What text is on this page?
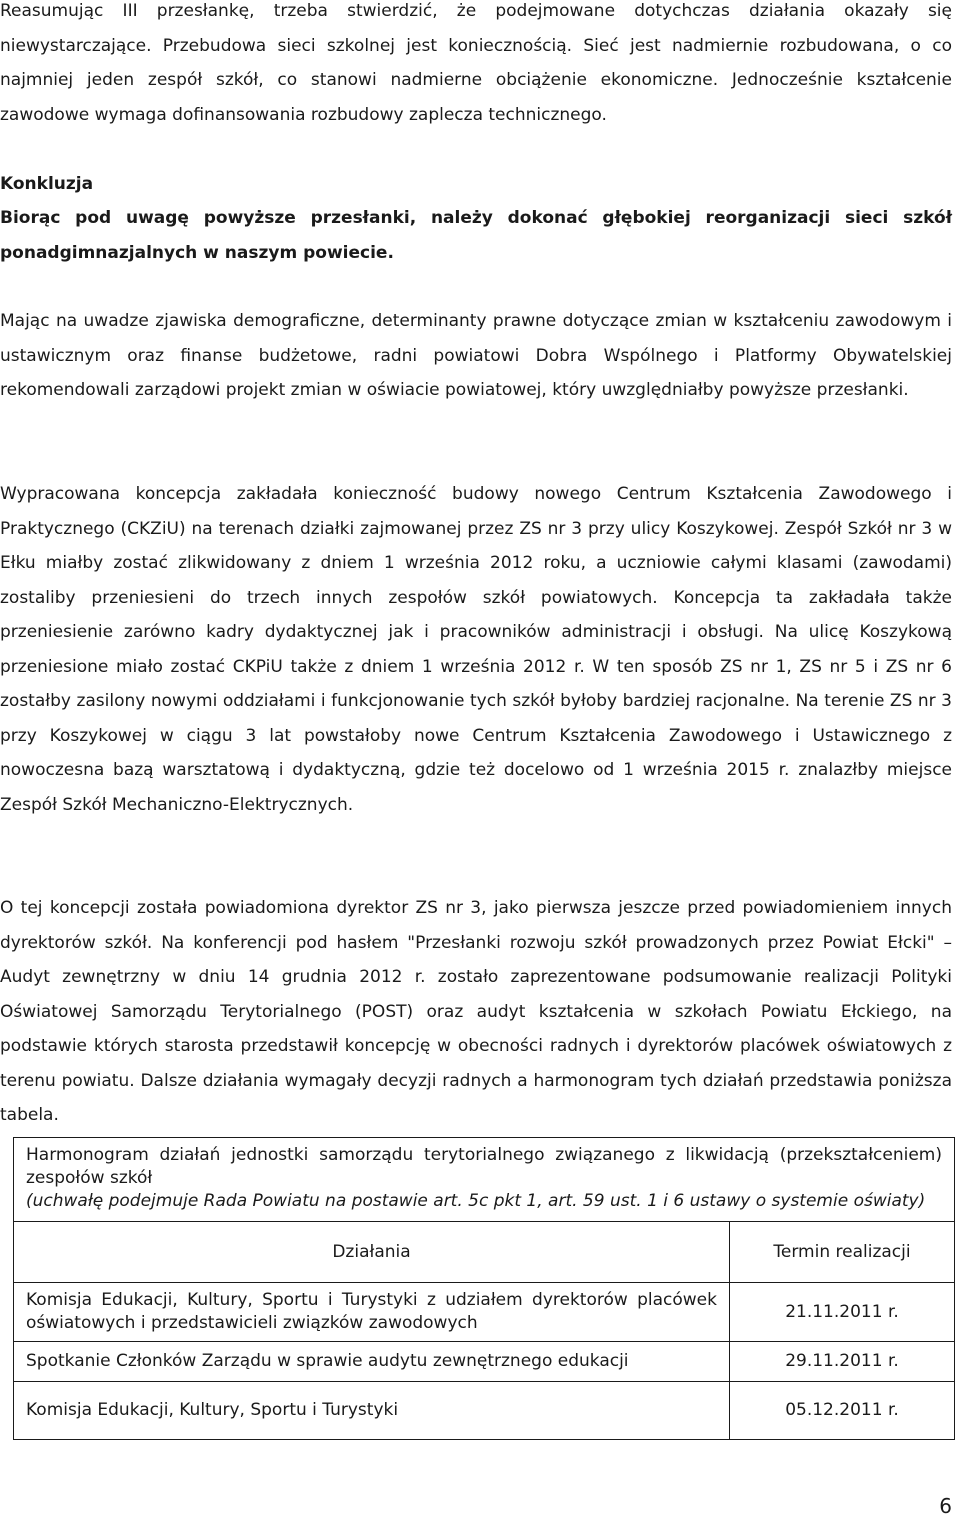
Reasumując III przesłankę, trzeba stwierdzić, że podejmowane dotychczas działania okazały się niewystarczające. Przebudowa sieci szkolnej jest koniecznością. Sieć jest nadmiernie rozbudowana, o co najmniej jeden zespół szkół, co stanowi nadmierne obciążenie ekonomiczne. Jednocześnie kształcenie zawodowe wymaga dofinansowania rozbudowy zaplecza technicznego.

Konkluzja

Biorąc pod uwagę powyższe przesłanki, należy dokonać głębokiej reorganizacji sieci szkół ponadgimnazjalnych w naszym powiecie.

Mając na uwadze zjawiska demograficzne, determinanty prawne dotyczące zmian w kształceniu zawodowym i ustawicznym oraz finanse budżetowe, radni powiatowi Dobra Wspólnego i Platformy Obywatelskiej rekomendowali zarządowi projekt zmian w oświacie powiatowej, który uwzględniałby powyższe przesłanki.

Wypracowana koncepcja zakładała konieczność budowy nowego Centrum Kształcenia Zawodowego i Praktycznego (CKZiU) na terenach działki zajmowanej przez ZS nr 3 przy ulicy Koszykowej. Zespół Szkół nr 3 w Ełku miałby zostać zlikwidowany z dniem 1 września 2012 roku, a uczniowie całymi klasami (zawodami) zostaliby przeniesieni do trzech innych zespołów szkół powiatowych. Koncepcja ta zakładała także przeniesienie zarówno kadry dydaktycznej jak i pracowników administracji i obsługi. Na ulicę Koszykową przeniesione miało zostać CKPiU także z dniem 1 września 2012 r. W ten sposób ZS nr 1, ZS nr 5 i ZS nr 6 zostałby zasilony nowymi oddziałami i funkcjonowanie tych szkół byłoby bardziej racjonalne. Na terenie ZS nr 3 przy Koszykowej w ciągu 3 lat powstałoby nowe Centrum Kształcenia Zawodowego i Ustawicznego z nowoczesna bazą warsztatową i dydaktyczną, gdzie też docelowo od 1 września 2015 r. znalazłby miejsce Zespół Szkół Mechaniczno-Elektrycznych.

O tej koncepcji została powiadomiona dyrektor ZS nr 3, jako pierwsza jeszcze przed powiadomieniem innych dyrektorów szkół. Na konferencji pod hasłem "Przesłanki rozwoju szkół prowadzonych przez Powiat Ełcki" – Audyt zewnętrzny w dniu 14 grudnia 2012 r. zostało zaprezentowane podsumowanie realizacji Polityki Oświatowej Samorządu Terytorialnego (POST) oraz audyt kształcenia w szkołach Powiatu Ełckiego, na podstawie których starosta przedstawił koncepcję w obecności radnych i dyrektorów placówek oświatowych z terenu powiatu. Dalsze działania wymagały decyzji radnych a harmonogram tych działań przedstawia poniższa tabela.

Harmonogram działań jednostki samorządu terytorialnego związanego z likwidacją (przekształceniem) zespołów szkół
(uchwałę podejmuje Rada Powiatu na postawie art. 5c pkt 1, art. 59 ust. 1 i 6 ustawy o systemie oświaty)	

Działania	Termin realizacji
Komisja Edukacji, Kultury, Sportu i Turystyki z udziałem dyrektorów placówek oświatowych i przedstawicieli związków zawodowych	21.11.2011 r.
Spotkanie Członków Zarządu w sprawie audytu zewnętrznego edukacji	29.11.2011 r.
Komisja Edukacji, Kultury, Sportu i Turystyki	05.12.2011 r.
6
